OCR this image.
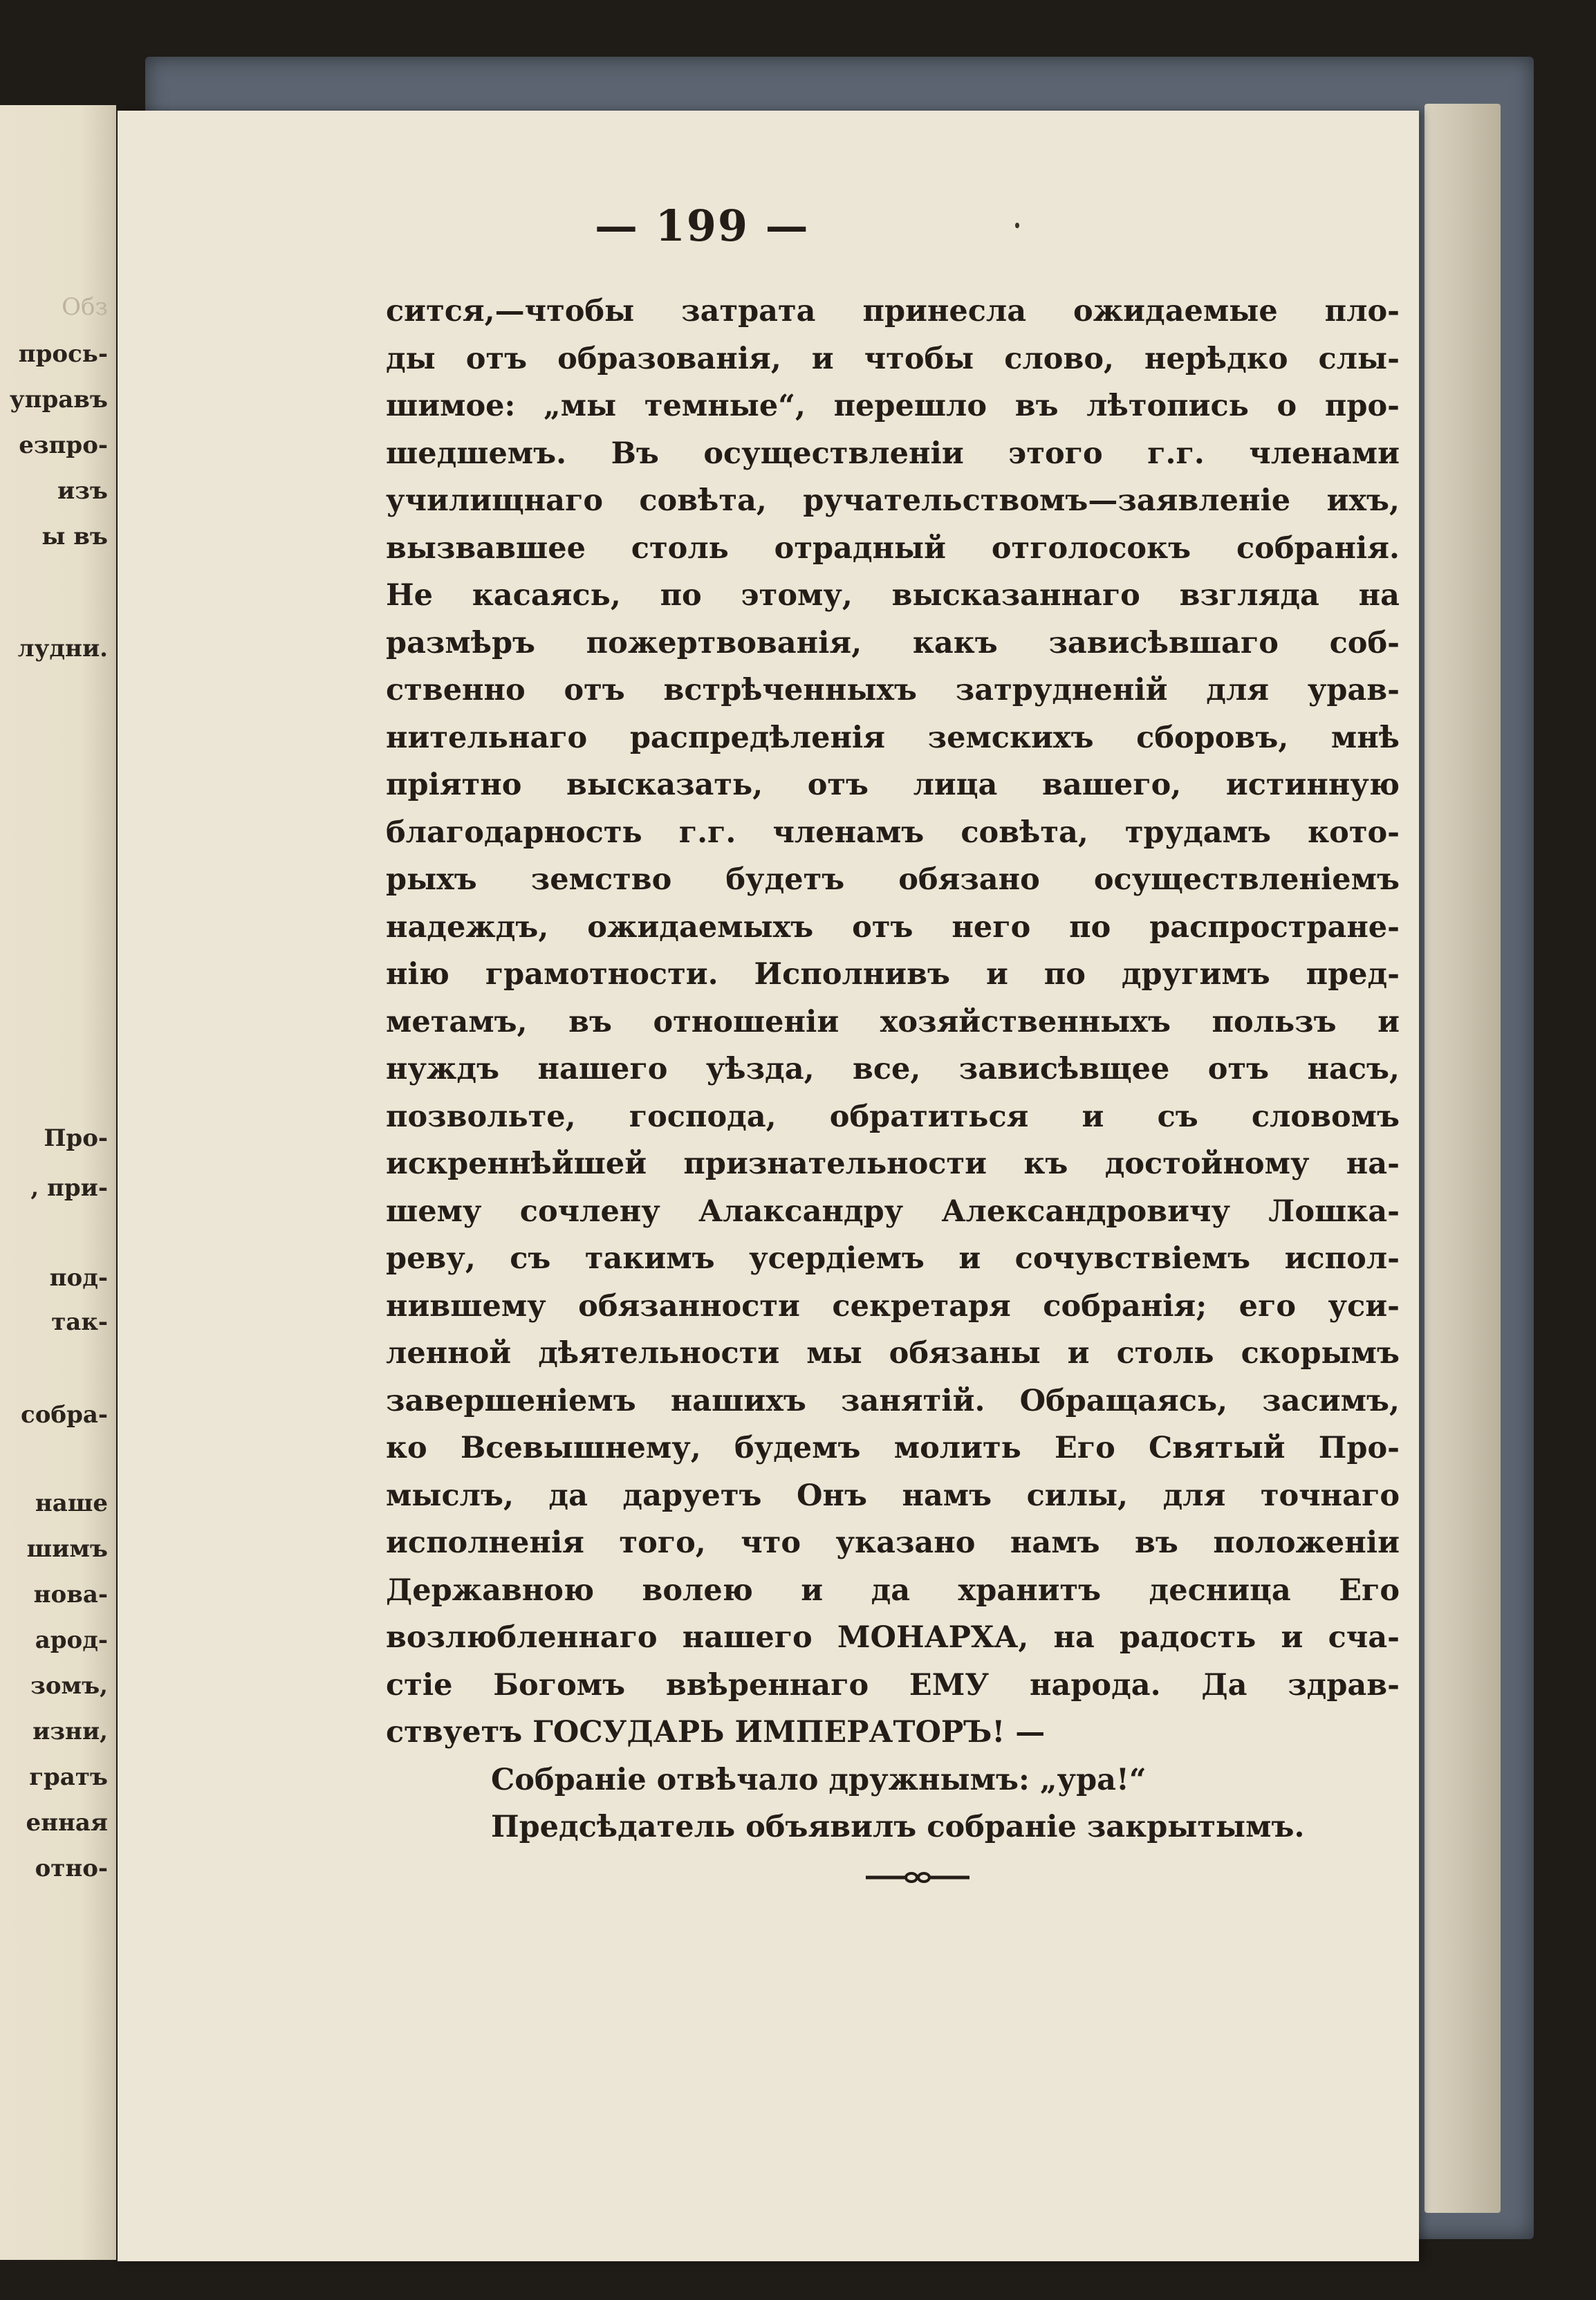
Обз
прось-
управъ
езпро-
изъ
ы въ
лудни.
Про-
, при-
под-
так-
собра-
наше
шимъ
нова-
арод-
зомъ,
изни,
гратъ
енная
отно-
— 199 —
сится,—чтобы затрата принесла ожидаемые пло-
ды отъ образованія, и чтобы слово, нерѣдко слы-
шимое: „мы темные“, перешло въ лѣтопись о про-
шедшемъ. Въ осуществленіи этого г.г. членами
училищнаго совѣта, ручательствомъ—заявленіе ихъ,
вызвавшее столь отрадный отголосокъ собранія.
Не касаясь, по этому, высказаннаго взгляда на
размѣръ пожертвованія, какъ зависѣвшаго соб-
ственно отъ встрѣченныхъ затрудненій для урав-
нительнаго распредѣленія земскихъ сборовъ, мнѣ
пріятно высказать, отъ лица вашего, истинную
благодарность г.г. членамъ совѣта, трудамъ кото-
рыхъ земство будетъ обязано осуществленіемъ
надеждъ, ожидаемыхъ отъ него по распростране-
нію грамотности. Исполнивъ и по другимъ пред-
метамъ, въ отношеніи хозяйственныхъ пользъ и
нуждъ нашего уѣзда, все, зависѣвщее отъ насъ,
позвольте, господа, обратиться и съ словомъ
искреннѣйшей признательности къ достойному на-
шему сочлену Алаксандру Александровичу Лошка-
реву, съ такимъ усердіемъ и сочувствіемъ испол-
нившему обязанности секретаря собранія; его уси-
ленной дѣятельности мы обязаны и столь скорымъ
завершеніемъ нашихъ занятій. Обращаясь, засимъ,
ко Всевышнему, будемъ молить Его Святый Про-
мыслъ, да даруетъ Онъ намъ силы, для точнаго
исполненія того, что указано намъ въ положеніи
Державною волею и да хранитъ десница Его
возлюбленнаго нашего МОНАРХА, на радость и сча-
стіе Богомъ ввѣреннаго ЕМУ народа. Да здрав-
ствуетъ ГОСУДАРЬ ИМПЕРАТОРЪ! —
Собраніе отвѣчало дружнымъ: „ура!“
Предсѣдатель объявилъ собраніе закрытымъ.
